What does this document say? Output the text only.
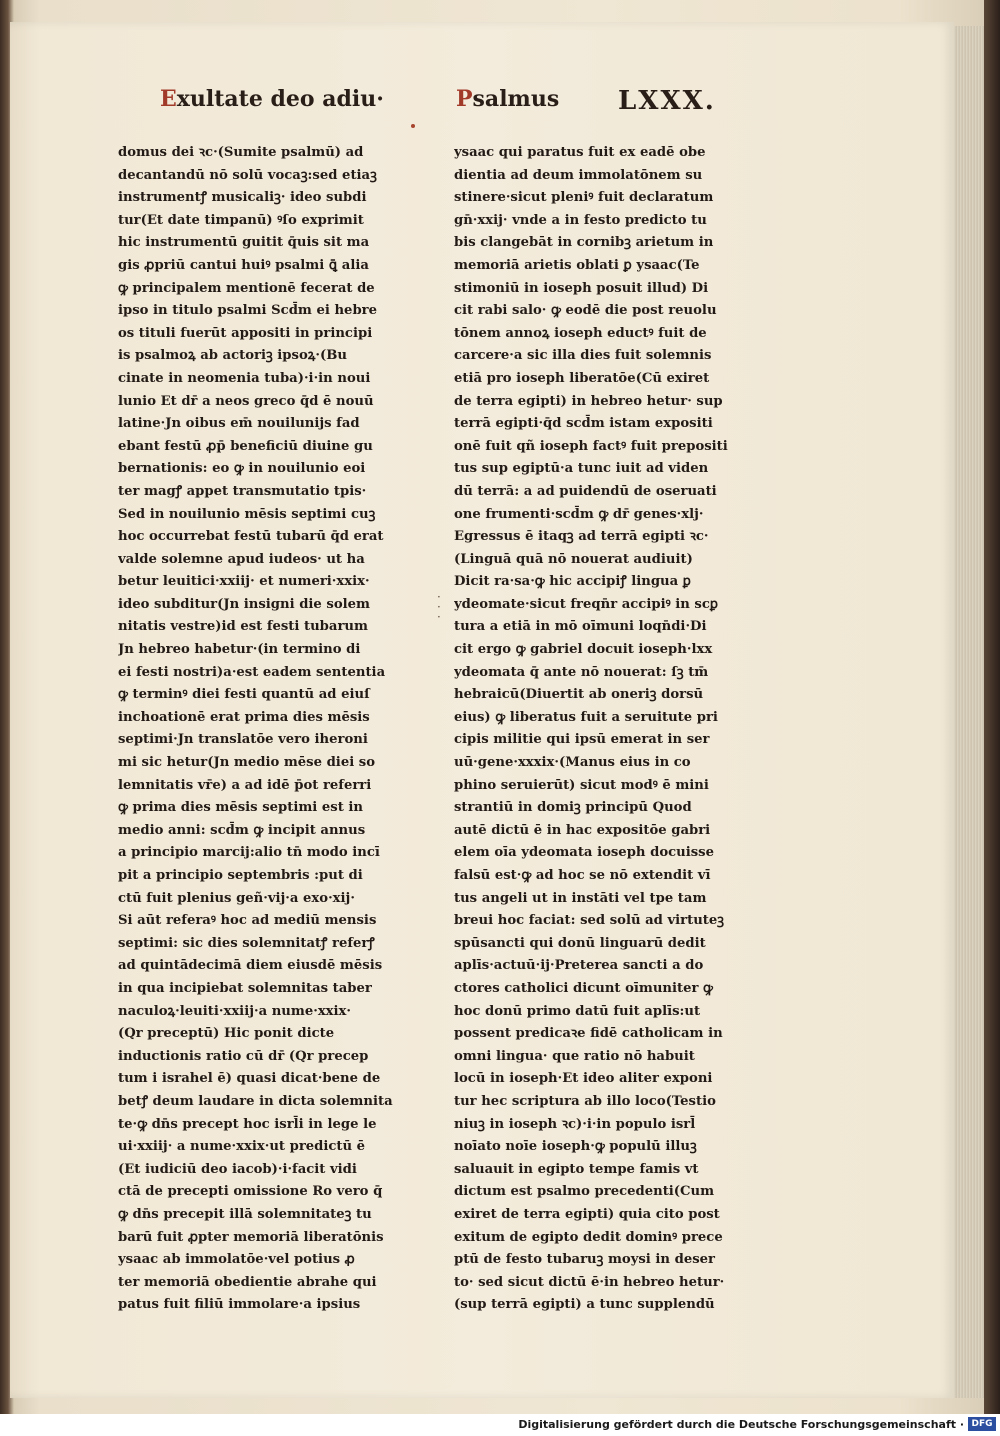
Exultate deo adiu·	Psalmus LXXX.
domus dei ꝛc·(Sumite psalmū) ad
decantandū nō solū vocaꝫ:sed etiaꝫ
instrumentꝭ musicaliꝫ· ideo subdi
tur(Et date timpanū) ꝰſo exprimit
hic instrumentū guitit q̄uis sit ma
gis ꝓpriū cantui huiꝰ psalmi ꝗ̄ alia
ꝙ principalem mentionē fecerat de
ipso in titulo psalmi Scd̄m ei hebre
os tituli fuerūt appositi in principi
is psalmoꝝ ab actoriꝫ ipsoꝝ·(Bu
cinate in neomenia tuba)·i·in noui
lunio Et dr̄ a neos greco q̄d ē nouū
latine·Jn oibus em̄ nouilunijs fad
ebant festū ꝓp̄ beneficiū diuine gu
bernationis: eo ꝙ in nouilunio eoi
ter magꝭ appet transmutatio tpis·
Sed in nouilunio mēsis septimi cuꝫ
hoc occurrebat festū tubarū q̄d erat
valde solemne apud iudeos· ut ha
betur leuitici·xxiij· et numeri·xxix·
ideo subditur(Jn insigni die solem
nitatis vestre)id est festi tubarum
Jn hebreo habetur·(in termino di
ei festi nostri)a·est eadem sententia
ꝙ terminꝰ diei festi quantū ad eiuſ
inchoationē erat prima dies mēsis
septimi·Jn translatōe vero iheroni
mi sic hetur(Jn medio mēse diei so
lemnitatis vr̄e) a ad idē p̄ot referri
ꝙ prima dies mēsis septimi est in
medio anni: scd̄m ꝙ incipit annus
a principio marcij:alio tn̄ modo incī
pit a principio septembris :put di
ctū fuit plenius geñ·vij·a exo·xij·
Si aūt referaꝰ hoc ad mediū mensis
septimi: sic dies solemnitatꝭ referꝭ
ad quintādecimā diem eiusdē mēsis
in qua incipiebat solemnitas taber
naculoꝝ·leuiti·xxiij·a nume·xxix·
(Qr preceptū) Hic ponit dicte
inductionis ratio cū dr̄ (Qr precep
tum i israhel ē) quasi dicat·bene de
betꝭ deum laudare in dicta solemnita
te·ꝙ dn̄s precept hoc isrl̄i in lege le
ui·xxiij· a nume·xxix·ut predictū ē
(Et iudiciū deo iacob)·i·facit vidi
ctā de precepti omissione Ro vero q̄
ꝙ dn̄s precepit illā solemnitateꝫ tu
barū fuit ꝓpter memoriā liberatōnis
ysaac ab immolatōe·vel potius ꝓ
ter memoriā obedientie abrahe qui
patus fuit filiū immolare·a ipsius
ysaac qui paratus fuit ex eadē obe
dientia ad deum immolatōnem su
stinere·sicut pleniꝰ fuit declaratum
gn̄·xxij· vnde a in festo predicto tu
bis clangebāt in cornibꝫ arietum in
memoriā arietis oblati ꝑ ysaac(Te
stimoniū in ioseph posuit illud) Di
cit rabi salo· ꝙ eodē die post reuolu
tōnem annoꝝ ioseph eductꝰ fuit de
carcere·a sic illa dies fuit solemnis
etiā pro ioseph liberatōe(Cū exiret
de terra egipti) in hebreo hetur· sup
terrā egipti·q̄d scd̄m istam expositi
onē fuit qñ ioseph factꝰ fuit prepositi
tus sup egiptū·a tunc iuit ad viden
dū terrā: a ad puidendū de oseruati
one frumenti·scd̄m ꝙ dr̄ genes·xlj·
Egressus ē itaqꝫ ad terrā egipti ꝛc·
(Linguā quā nō nouerat audiuit)
Dicit ra·sa·ꝙ hic accipiꝭ lingua ꝑ
ydeomate·sicut freqn̄r accipiꝰ in scꝑ
tura a etiā in mō oīmuni loqn̄di·Di
cit ergo ꝙ gabriel docuit ioseph·lxx
ydeomata q̄ ante nō nouerat: ſꝫ tm̄
hebraicū(Diuertit ab oneriꝫ dorsū
eius) ꝙ liberatus fuit a seruitute pri
cipis militie qui ipsū emerat in ser
uū·gene·xxxix·(Manus eius in co
phino seruierūt) sicut modꝰ ē mini
strantiū in domiꝫ principū Quod
autē dictū ē in hac expositōe gabri
elem oīa ydeomata ioseph docuisse
falsū est·ꝙ ad hoc se nō extendit vī
tus angeli ut in instāti vel tpe tam
breui hoc faciat: sed solū ad virtuteꝫ
spūsancti qui donū linguarū dedit
aplīs·actuū·ij·Preterea sancti a do
ctores catholici dicunt oīmuniter ꝙ
hoc donū primo datū fuit aplīs:ut
possent predicaꝛe fidē catholicam in
omni lingua· que ratio nō habuit
locū in ioseph·Et ideo aliter exponi
tur hec scriptura ab illo loco(Testio
niuꝫ in ioseph ꝛc)·i·in populo isrl̄
noīato noīe ioseph·ꝙ populū illuꝫ
saluauit in egipto tempe famis vt
dictum est psalmo precedenti(Cum
exiret de terra egipti) quia cito post
exitum de egipto dedit dominꝰ prece
ptū de festo tubaruꝫ moysi in deser
to· sed sicut dictū ē·in hebreo hetur·
(sup terrā egipti) a tunc supplendū
·
·
·
Digitalisierung gefördert durch die Deutsche Forschungsgemeinschaft · DFG
